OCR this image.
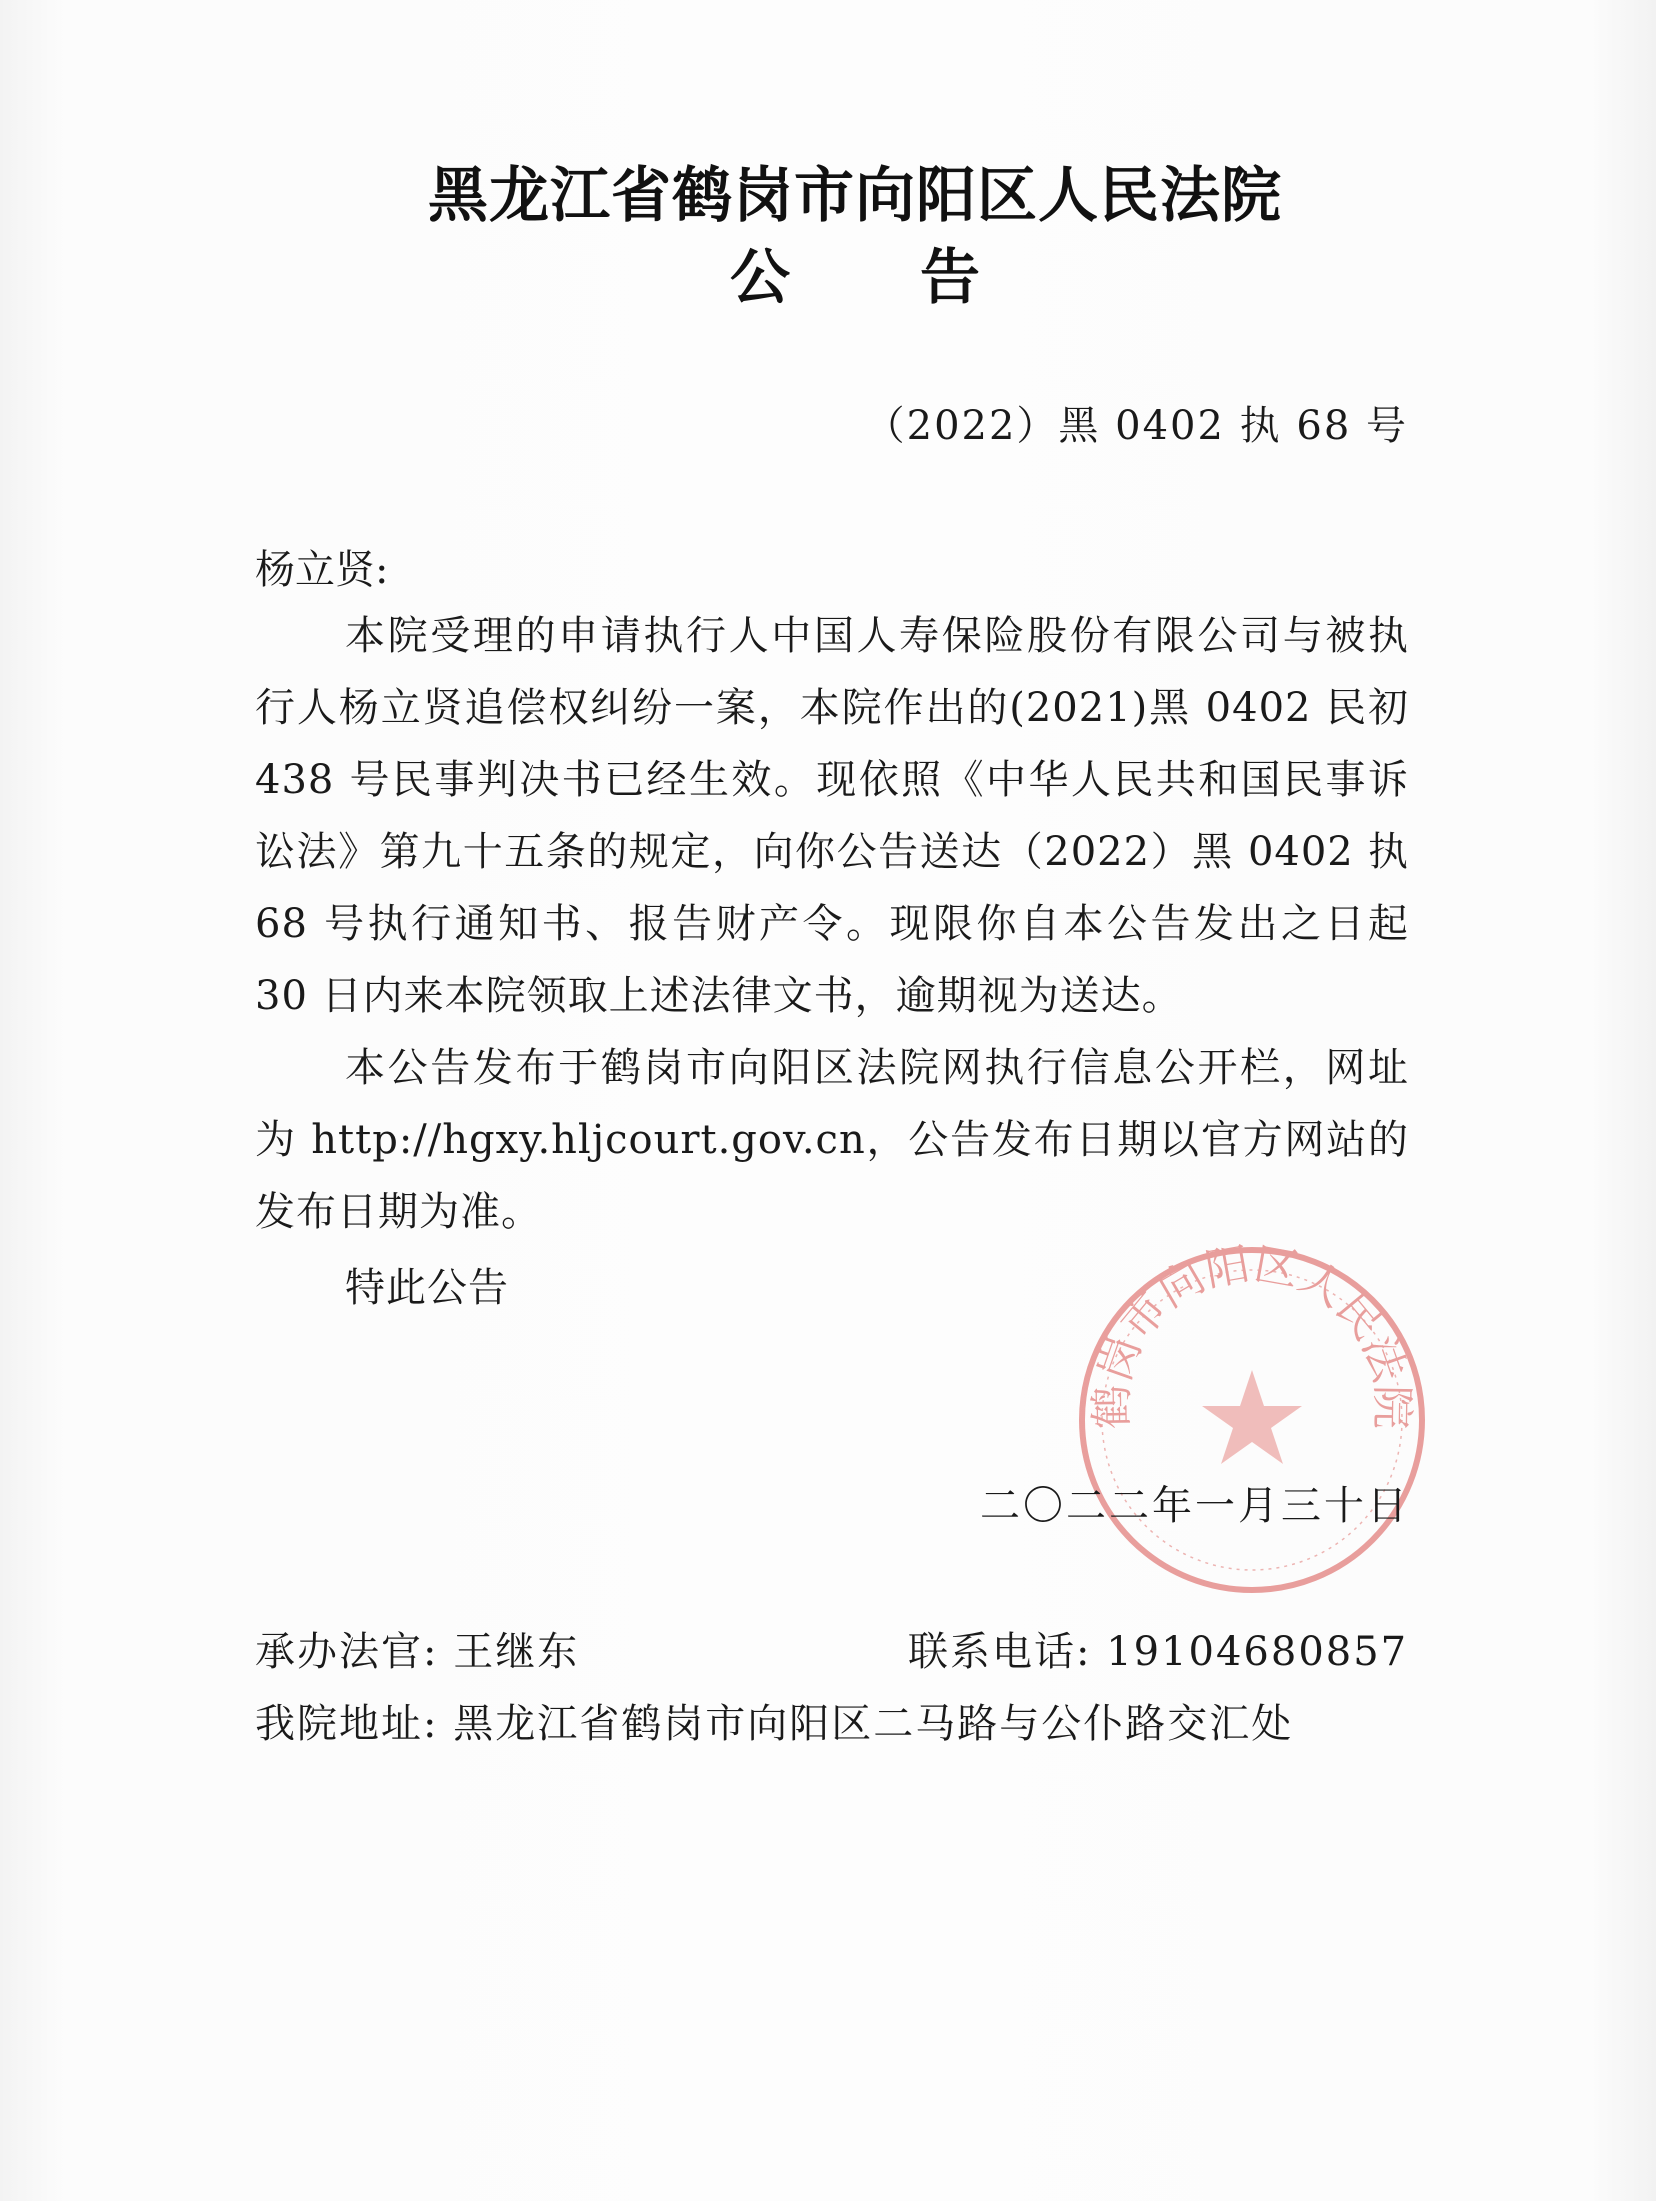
黑龙江省鹤岗市向阳区人民法院
公告
（2022）黑 0402 执 68 号
杨立贤:
本院受理的申请执行人中国人寿保险股份有限公司与被执行人杨立贤追偿权纠纷一案，本院作出的(2021)黑 0402 民初 438 号民事判决书已经生效。现依照《中华人民共和国民事诉讼法》第九十五条的规定，向你公告送达（2022）黑 0402 执 68 号执行通知书、报告财产令。现限你自本公告发出之日起 30 日内来本院领取上述法律文书，逾期视为送达。
本公告发布于鹤岗市向阳区法院网执行信息公开栏，网址为 http://hgxy.hljcourt.gov.cn，公告发布日期以官方网站的发布日期为准。
特此公告
鹤岗市向阳区人民法院
二〇二二年一月三十日
承办法官: 王继东	联系电话: 19104680857
我院地址: 黑龙江省鹤岗市向阳区二马路与公仆路交汇处
